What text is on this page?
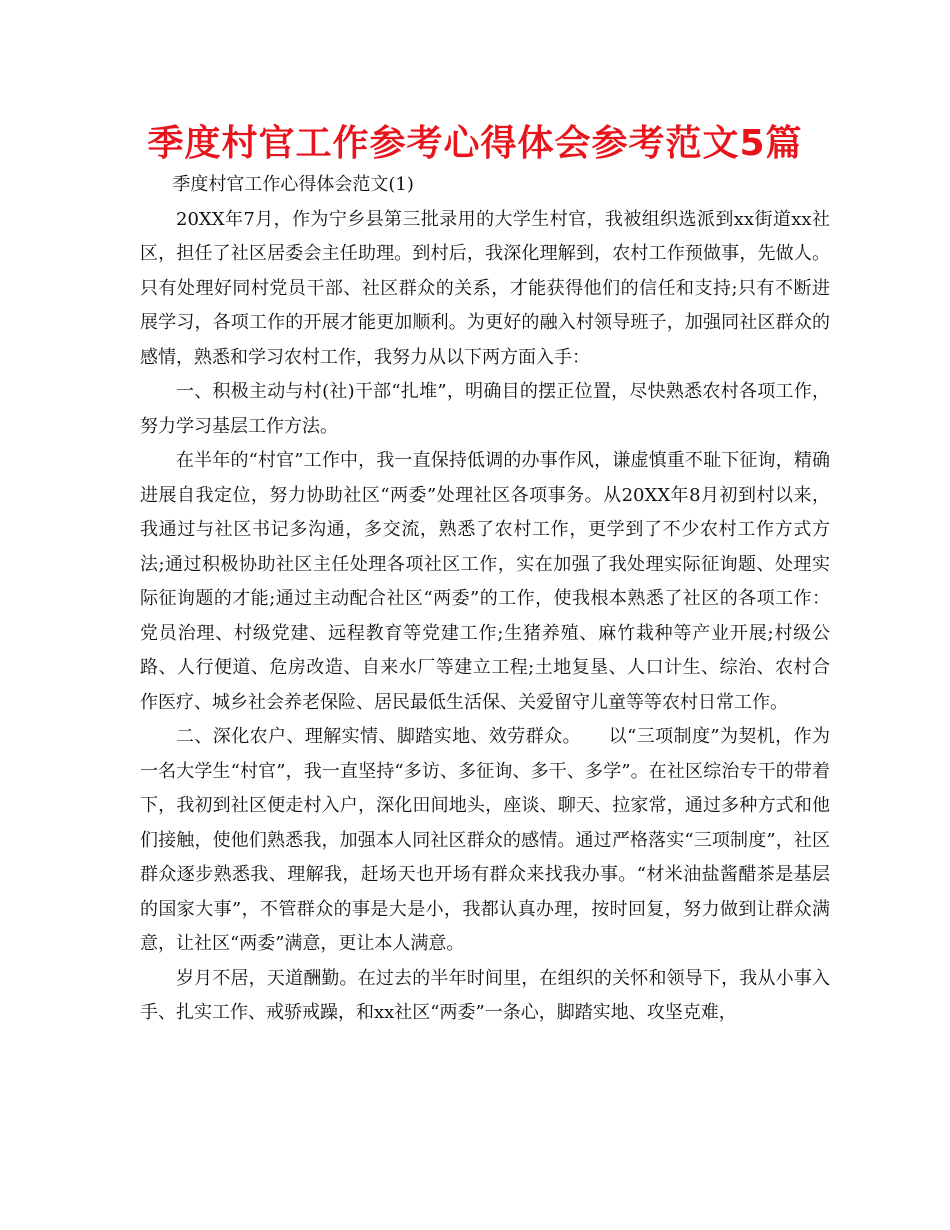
季度村官工作参考心得体会参考范文5篇

季度村官工作心得体会范文(1)

20XX年7月，作为宁乡县第三批录用的大学生村官，我被组织选派到xx街道xx社区，担任了社区居委会主任助理。到村后，我深化理解到，农村工作预做事，先做人。只有处理好同村党员干部、社区群众的关系，才能获得他们的信任和支持;只有不断进展学习，各项工作的开展才能更加顺利。为更好的融入村领导班子，加强同社区群众的感情，熟悉和学习农村工作，我努力从以下两方面入手：

一、积极主动与村(社)干部“扎堆”，明确目的摆正位置，尽快熟悉农村各项工作，努力学习基层工作方法。

在半年的“村官”工作中，我一直保持低调的办事作风，谦虚慎重不耻下征询，精确进展自我定位，努力协助社区“两委”处理社区各项事务。从20XX年8月初到村以来，我通过与社区书记多沟通，多交流，熟悉了农村工作，更学到了不少农村工作方式方法;通过积极协助社区主任处理各项社区工作，实在加强了我处理实际征询题、处理实际征询题的才能;通过主动配合社区“两委”的工作，使我根本熟悉了社区的各项工作：党员治理、村级党建、远程教育等党建工作;生猪养殖、麻竹栽种等产业开展;村级公路、人行便道、危房改造、自来水厂等建立工程;土地复垦、人口计生、综治、农村合作医疗、城乡社会养老保险、居民最低生活保、关爱留守儿童等等农村日常工作。

二、深化农户、理解实情、脚踏实地、效劳群众。　　以“三项制度”为契机，作为一名大学生“村官”，我一直坚持“多访、多征询、多干、多学”。在社区综治专干的带着下，我初到社区便走村入户，深化田间地头，座谈、聊天、拉家常，通过多种方式和他们接触，使他们熟悉我，加强本人同社区群众的感情。通过严格落实“三项制度”，社区群众逐步熟悉我、理解我，赶场天也开场有群众来找我办事。“材米油盐酱醋茶是基层的国家大事”，不管群众的事是大是小，我都认真办理，按时回复，努力做到让群众满意，让社区“两委”满意，更让本人满意。

岁月不居，天道酬勤。在过去的半年时间里，在组织的关怀和领导下，我从小事入手、扎实工作、戒骄戒躁，和xx社区“两委”一条心，脚踏实地、攻坚克难，
